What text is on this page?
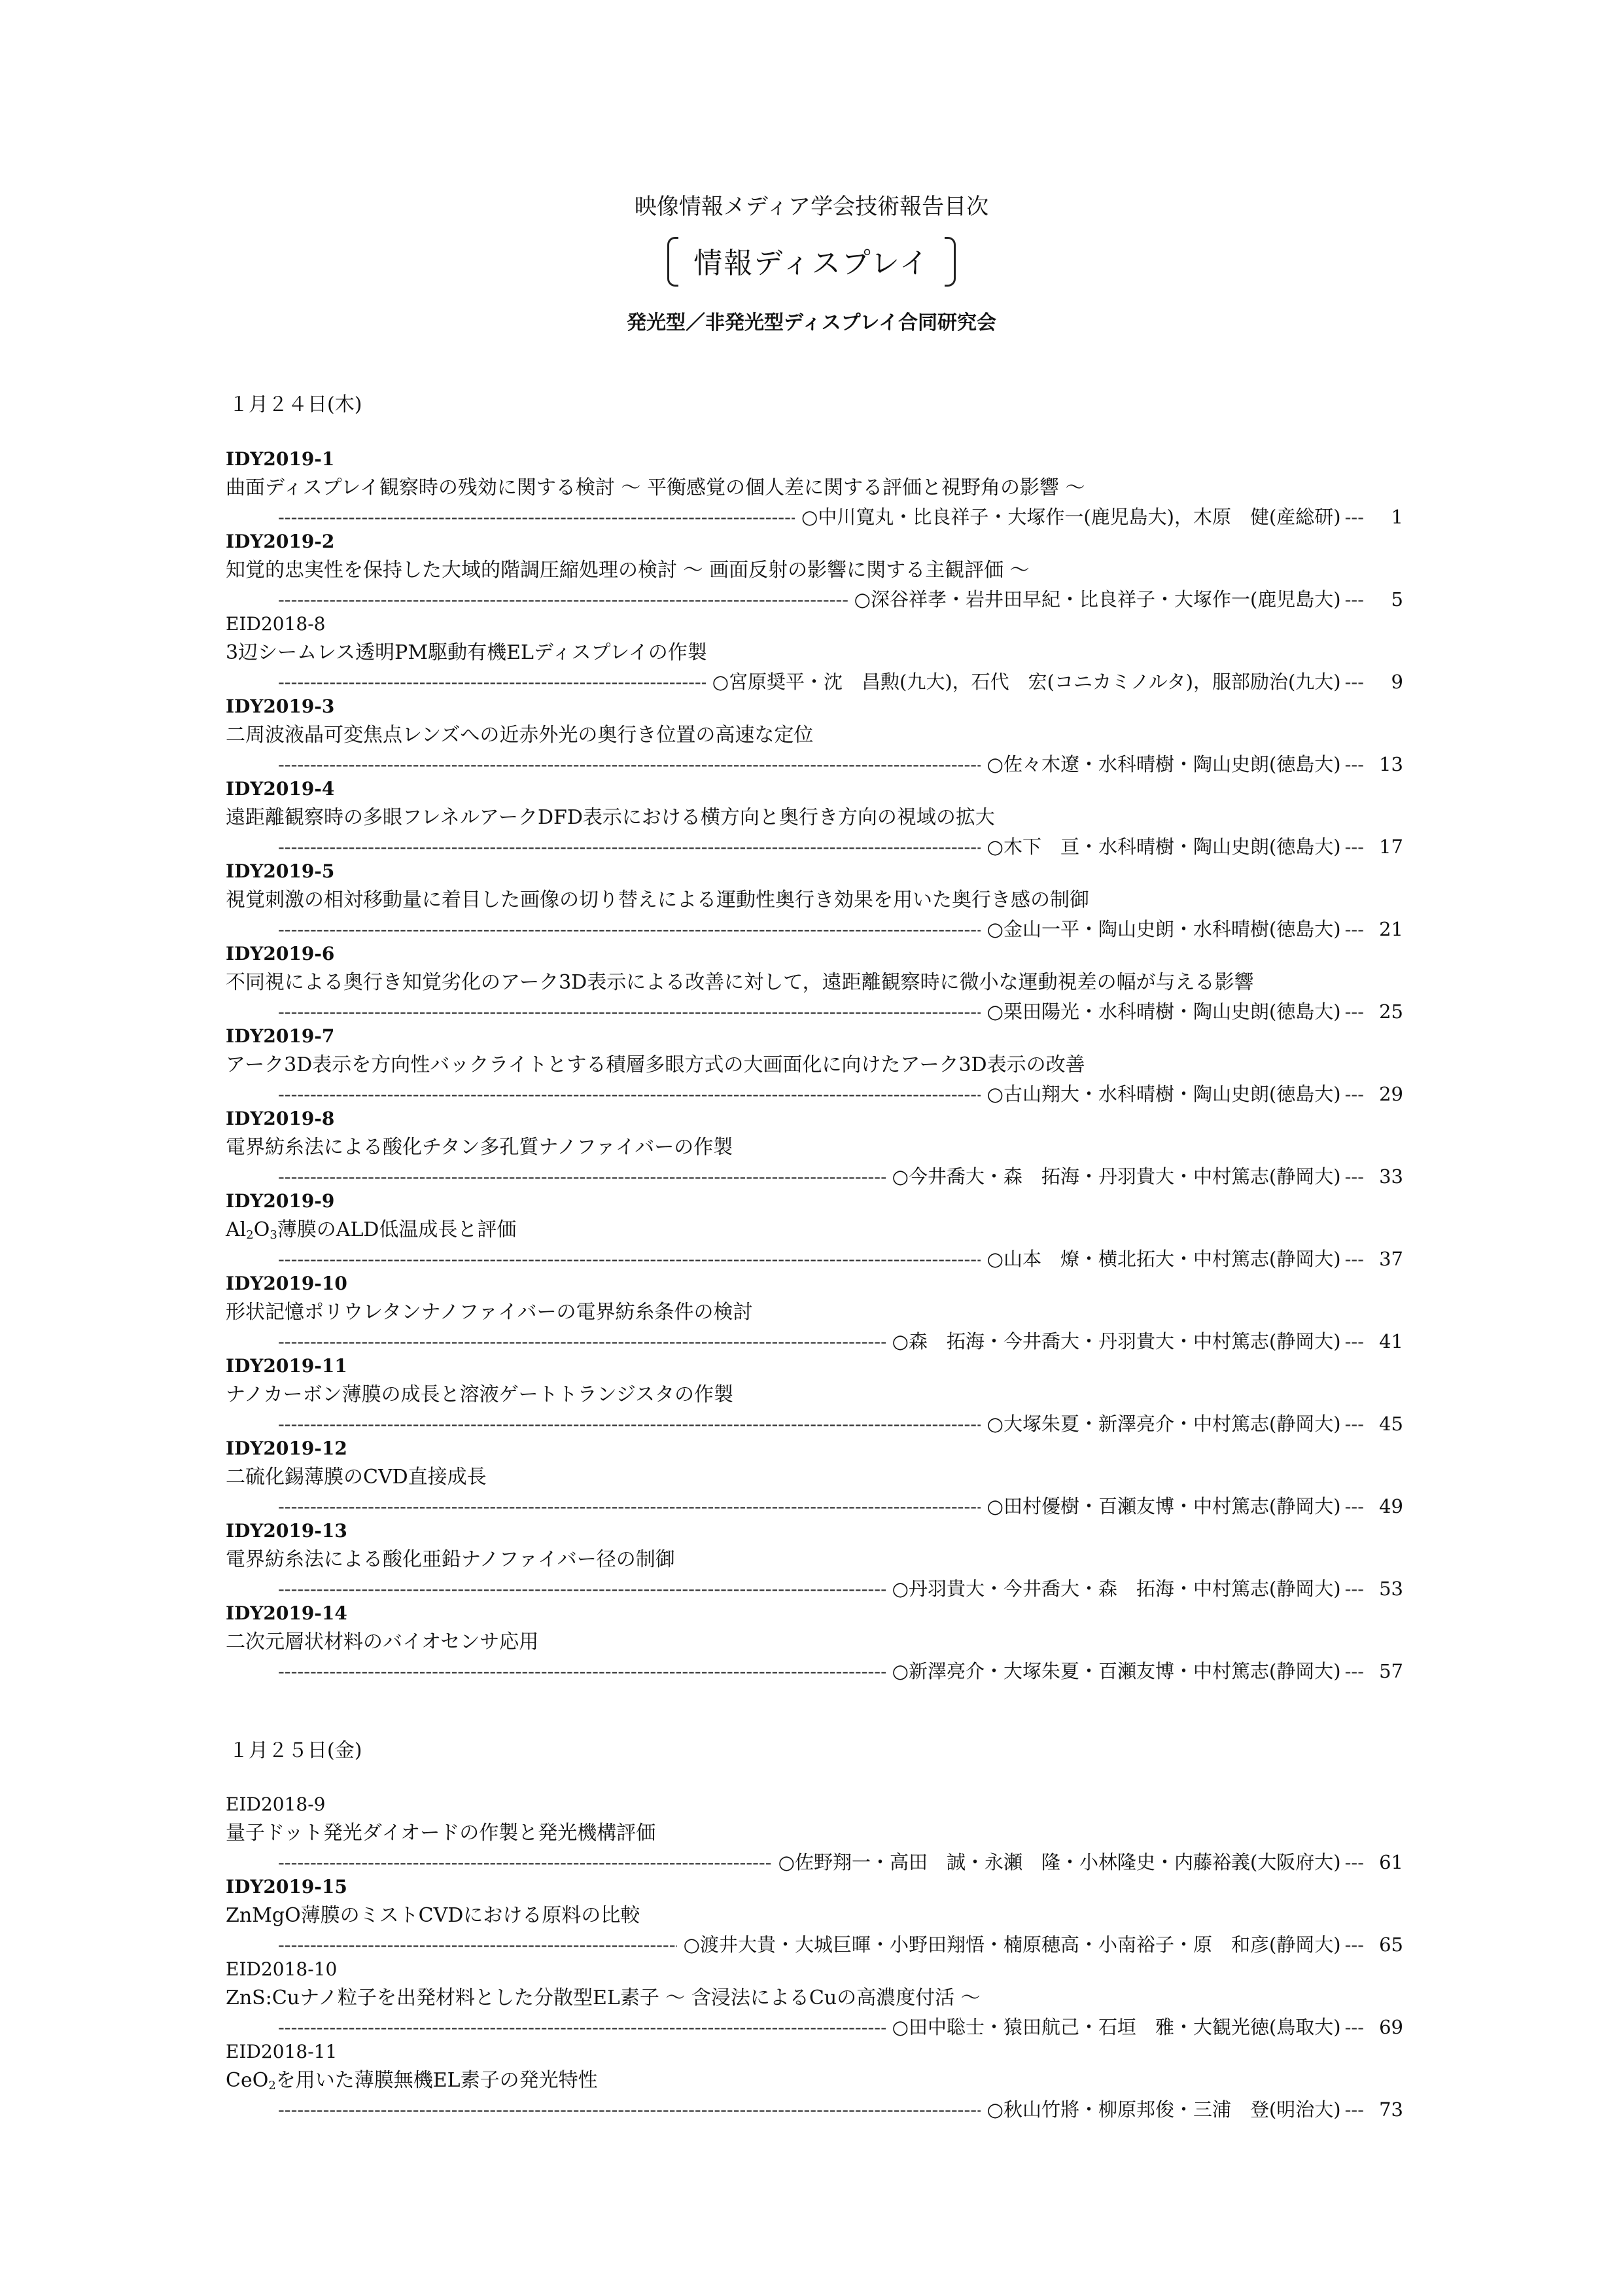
映像情報メディア学会技術報告目次
情報ディスプレイ
発光型／非発光型ディスプレイ合同研究会
１月２４日(木)
IDY2019-1
曲面ディスプレイ観察時の残効に関する検討 ～ 平衡感覚の個人差に関する評価と視野角の影響 ～
-----
○中川寛丸・比良祥子・大塚作一(鹿児島大)，木原　健(産総研) ---	1
IDY2019-2
知覚的忠実性を保持した大域的階調圧縮処理の検討 ～ 画面反射の影響に関する主観評価 ～
-----
○深谷祥孝・岩井田早紀・比良祥子・大塚作一(鹿児島大) ---	5
EID2018-8
3辺シームレス透明PM駆動有機ELディスプレイの作製
-----
○宮原奨平・沈　昌勲(九大)，石代　宏(コニカミノルタ)，服部励治(九大) ---	9
IDY2019-3
二周波液晶可変焦点レンズへの近赤外光の奥行き位置の高速な定位
-----
○佐々木遼・水科晴樹・陶山史朗(徳島大) --- 13
IDY2019-4
遠距離観察時の多眼フレネルアークDFD表示における横方向と奥行き方向の視域の拡大
-----
○木下　亘・水科晴樹・陶山史朗(徳島大) --- 17
IDY2019-5
視覚刺激の相対移動量に着目した画像の切り替えによる運動性奥行き効果を用いた奥行き感の制御
-----
○金山一平・陶山史朗・水科晴樹(徳島大) --- 21
IDY2019-6
不同視による奥行き知覚劣化のアーク3D表示による改善に対して，遠距離観察時に微小な運動視差の幅が与える影響
-----
○栗田陽光・水科晴樹・陶山史朗(徳島大) --- 25
IDY2019-7
アーク3D表示を方向性バックライトとする積層多眼方式の大画面化に向けたアーク3D表示の改善
-----
○古山翔大・水科晴樹・陶山史朗(徳島大) --- 29
IDY2019-8
電界紡糸法による酸化チタン多孔質ナノファイバーの作製
-----
○今井喬大・森　拓海・丹羽貴大・中村篤志(静岡大) --- 33
IDY2019-9
$Al_2O_3$薄膜のALD低温成長と評価
-----
○山本　燎・横北拓大・中村篤志(静岡大) --- 37
IDY2019-10
形状記憶ポリウレタンナノファイバーの電界紡糸条件の検討
-----
○森　拓海・今井喬大・丹羽貴大・中村篤志(静岡大) --- 41
IDY2019-11
ナノカーボン薄膜の成長と溶液ゲートトランジスタの作製
-----
○大塚朱夏・新澤亮介・中村篤志(静岡大) --- 45
IDY2019-12
二硫化錫薄膜のCVD直接成長
-----
○田村優樹・百瀬友博・中村篤志(静岡大) --- 49
IDY2019-13
電界紡糸法による酸化亜鉛ナノファイバー径の制御
-----
○丹羽貴大・今井喬大・森　拓海・中村篤志(静岡大) --- 53
IDY2019-14
二次元層状材料のバイオセンサ応用
-----
○新澤亮介・大塚朱夏・百瀬友博・中村篤志(静岡大) --- 57
１月２５日(金)
EID2018-9
量子ドット発光ダイオードの作製と発光機構評価
-----
○佐野翔一・高田　誠・永瀬　隆・小林隆史・内藤裕義(大阪府大) --- 61
IDY2019-15
ZnMgO薄膜のミストCVDにおける原料の比較
-----
○渡井大貴・大城巨暉・小野田翔悟・楠原穂高・小南裕子・原　和彦(静岡大) --- 65
EID2018-10
ZnS:Cuナノ粒子を出発材料とした分散型EL素子 ～ 含浸法によるCuの高濃度付活 ～
-----
○田中聡士・猿田航己・石垣　雅・大観光徳(鳥取大) --- 69
EID2018-11
CeO$_2$を用いた薄膜無機EL素子の発光特性
-----
○秋山竹將・柳原邦俊・三浦　登(明治大) --- 73
